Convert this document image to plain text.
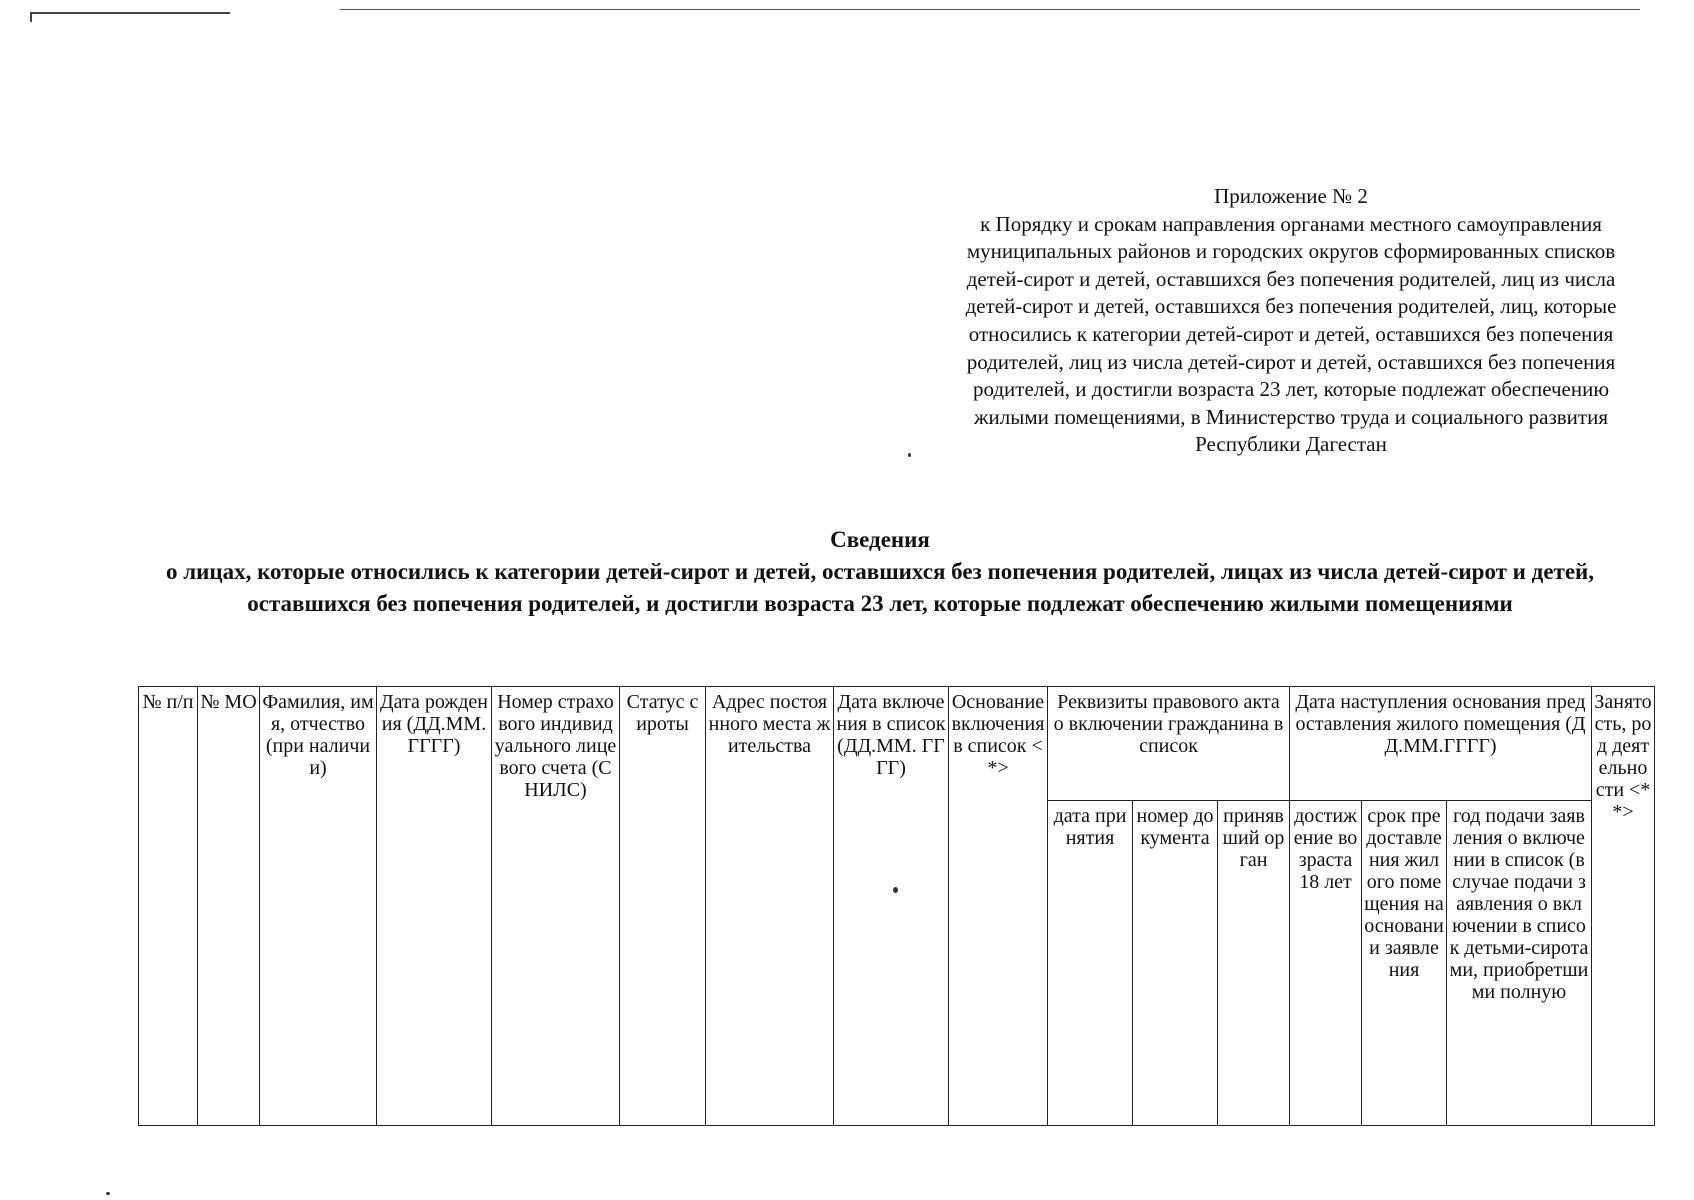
Приложение № 2
к Порядку и срокам направления органами местного самоуправления муниципальных районов и городских округов сформированных списков детей-сирот и детей, оставшихся без попечения родителей, лиц из числа детей-сирот и детей, оставшихся без попечения родителей, лиц, которые относились к категории детей-сирот и детей, оставшихся без попечения родителей, лиц из числа детей-сирот и детей, оставшихся без попечения родителей, и достигли возраста 23 лет, которые подлежат обеспечению жилыми помещениями, в Министерство труда и социального развития Республики Дагестан
Сведения
о лицах, которые относились к категории детей-сирот и детей, оставшихся без попечения родителей, лицах из числа детей-сирот и детей, оставшихся без попечения родителей, и достигли возраста 23 лет, которые подлежат обеспечению жилыми помещениями
№ п/п	№ МО	Фамилия, имя, отчество (при наличии)	Дата рождения (ДД.ММ. ГГГГ)	Номер страхового индивидуального лицевого счета (СНИЛС)	Статус сироты	Адрес постоянного места жительства	Дата включения в список (ДД.ММ. ГГГГ)	Основание включения в список <*>	Реквизиты правового акта о включении гражданина в список			Дата наступления основания предоставления жилого помещения (ДД.ММ.ГГГГ)			Занятость, род деятельности <**>
									дата принятия	номер документа	принявший орган	достижение возраста 18 лет	срок предоставления жилого помещения на основании заявления	год подачи заявления о включении в список (в случае подачи заявления о включении в список детьми-сиротами, приобретшими полную	
